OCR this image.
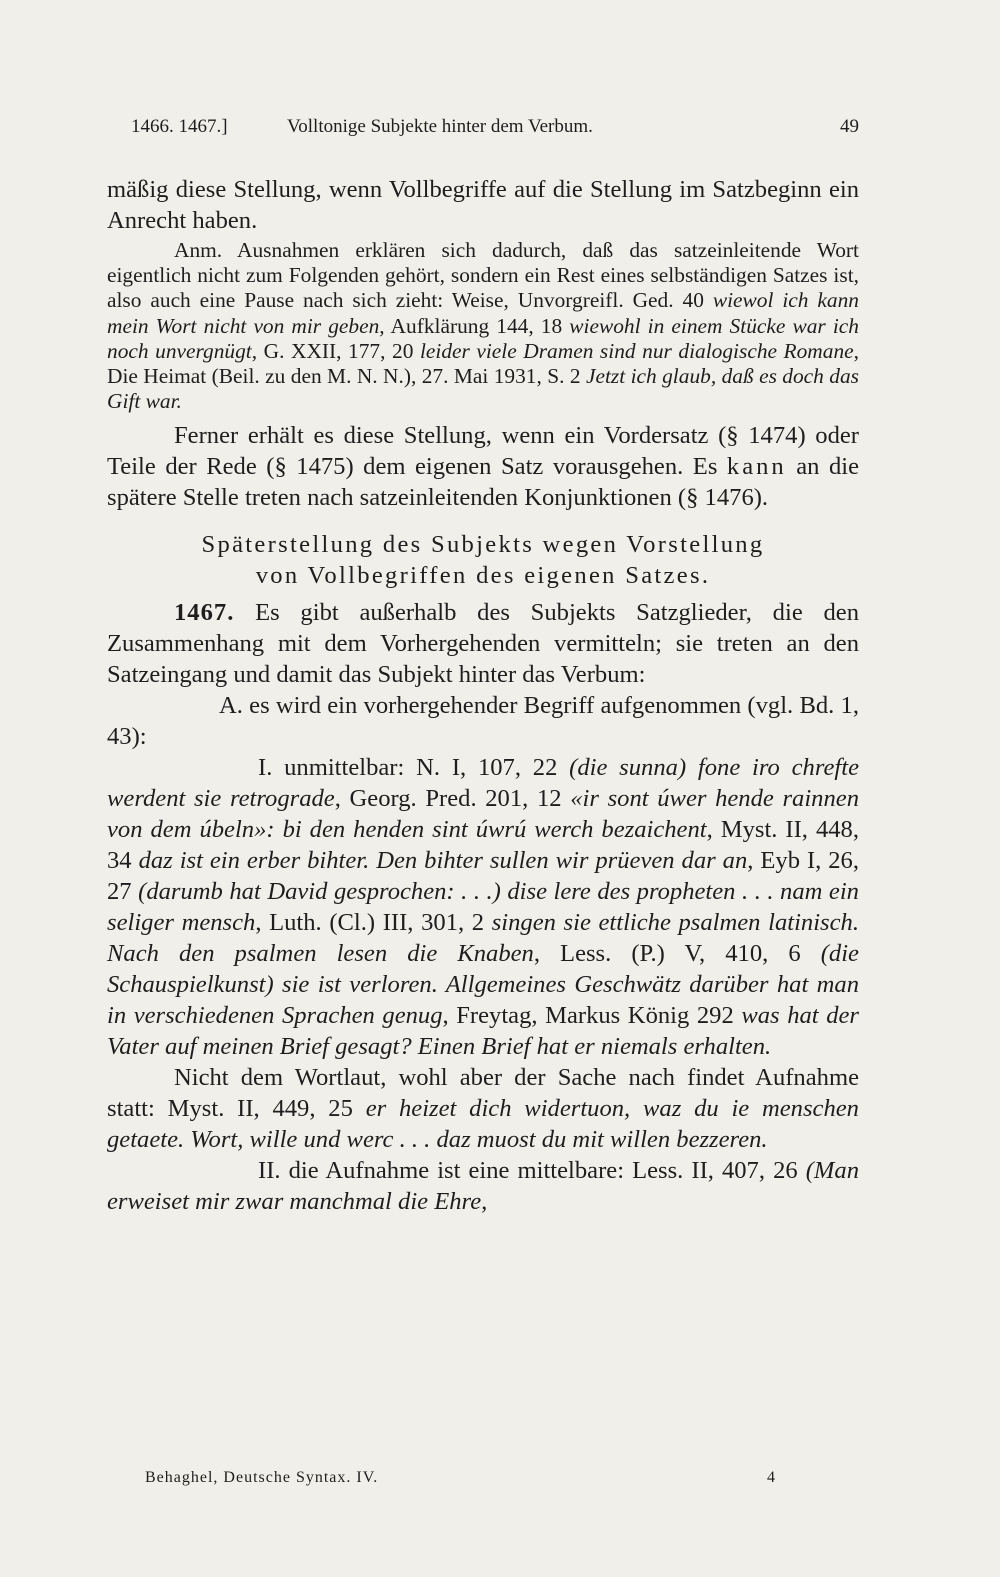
1466. 1467.]	Volltonige Subjekte hinter dem Verbum.	49

mäßig diese Stellung, wenn Vollbegriffe auf die Stellung im Satzbeginn ein Anrecht haben.

Anm. Ausnahmen erklären sich dadurch, daß das satzeinleitende Wort eigentlich nicht zum Folgenden gehört, sondern ein Rest eines selbständigen Satzes ist, also auch eine Pause nach sich zieht: Weise, Unvorgreifl. Ged. 40 wiewol ich kann mein Wort nicht von mir geben, Aufklärung 144, 18 wiewohl in einem Stücke war ich noch unvergnügt, G. XXII, 177, 20 leider viele Dramen sind nur dialogische Romane, Die Heimat (Beil. zu den M. N. N.), 27. Mai 1931, S. 2 Jetzt ich glaub, daß es doch das Gift war.

Ferner erhält es diese Stellung, wenn ein Vordersatz (§ 1474) oder Teile der Rede (§ 1475) dem eigenen Satz vorausgehen. Es kann an die spätere Stelle treten nach satzeinleitenden Konjunktionen (§ 1476).

Späterstellung des Subjekts wegen Vorstellung
von Vollbegriffen des eigenen Satzes.

1467. Es gibt außerhalb des Subjekts Satzglieder, die den Zusammenhang mit dem Vorhergehenden vermitteln; sie treten an den Satzeingang und damit das Subjekt hinter das Verbum:

A. es wird ein vorhergehender Begriff aufgenommen (vgl. Bd. 1, 43):

I. unmittelbar: N. I, 107, 22 (die sunna) fone iro chrefte werdent sie retrograde, Georg. Pred. 201, 12 «ir sont úwer hende rainnen von dem úbeln»: bi den henden sint úwrú werch bezaichent, Myst. II, 448, 34 daz ist ein erber bihter. Den bihter sullen wir prüeven dar an, Eyb I, 26, 27 (darumb hat David gesprochen: . . .) dise lere des propheten . . . nam ein seliger mensch, Luth. (Cl.) III, 301, 2 singen sie ettliche psalmen latinisch. Nach den psalmen lesen die Knaben, Less. (P.) V, 410, 6 (die Schauspielkunst) sie ist verloren. Allgemeines Geschwätz darüber hat man in verschiedenen Sprachen genug, Freytag, Markus König 292 was hat der Vater auf meinen Brief gesagt? Einen Brief hat er niemals erhalten.

Nicht dem Wortlaut, wohl aber der Sache nach findet Aufnahme statt: Myst. II, 449, 25 er heizet dich widertuon, waz du ie menschen getaete. Wort, wille und werc . . . daz muost du mit willen bezzeren.

II. die Aufnahme ist eine mittelbare: Less. II, 407, 26 (Man erweiset mir zwar manchmal die Ehre,

Behaghel, Deutsche Syntax. IV.	4
